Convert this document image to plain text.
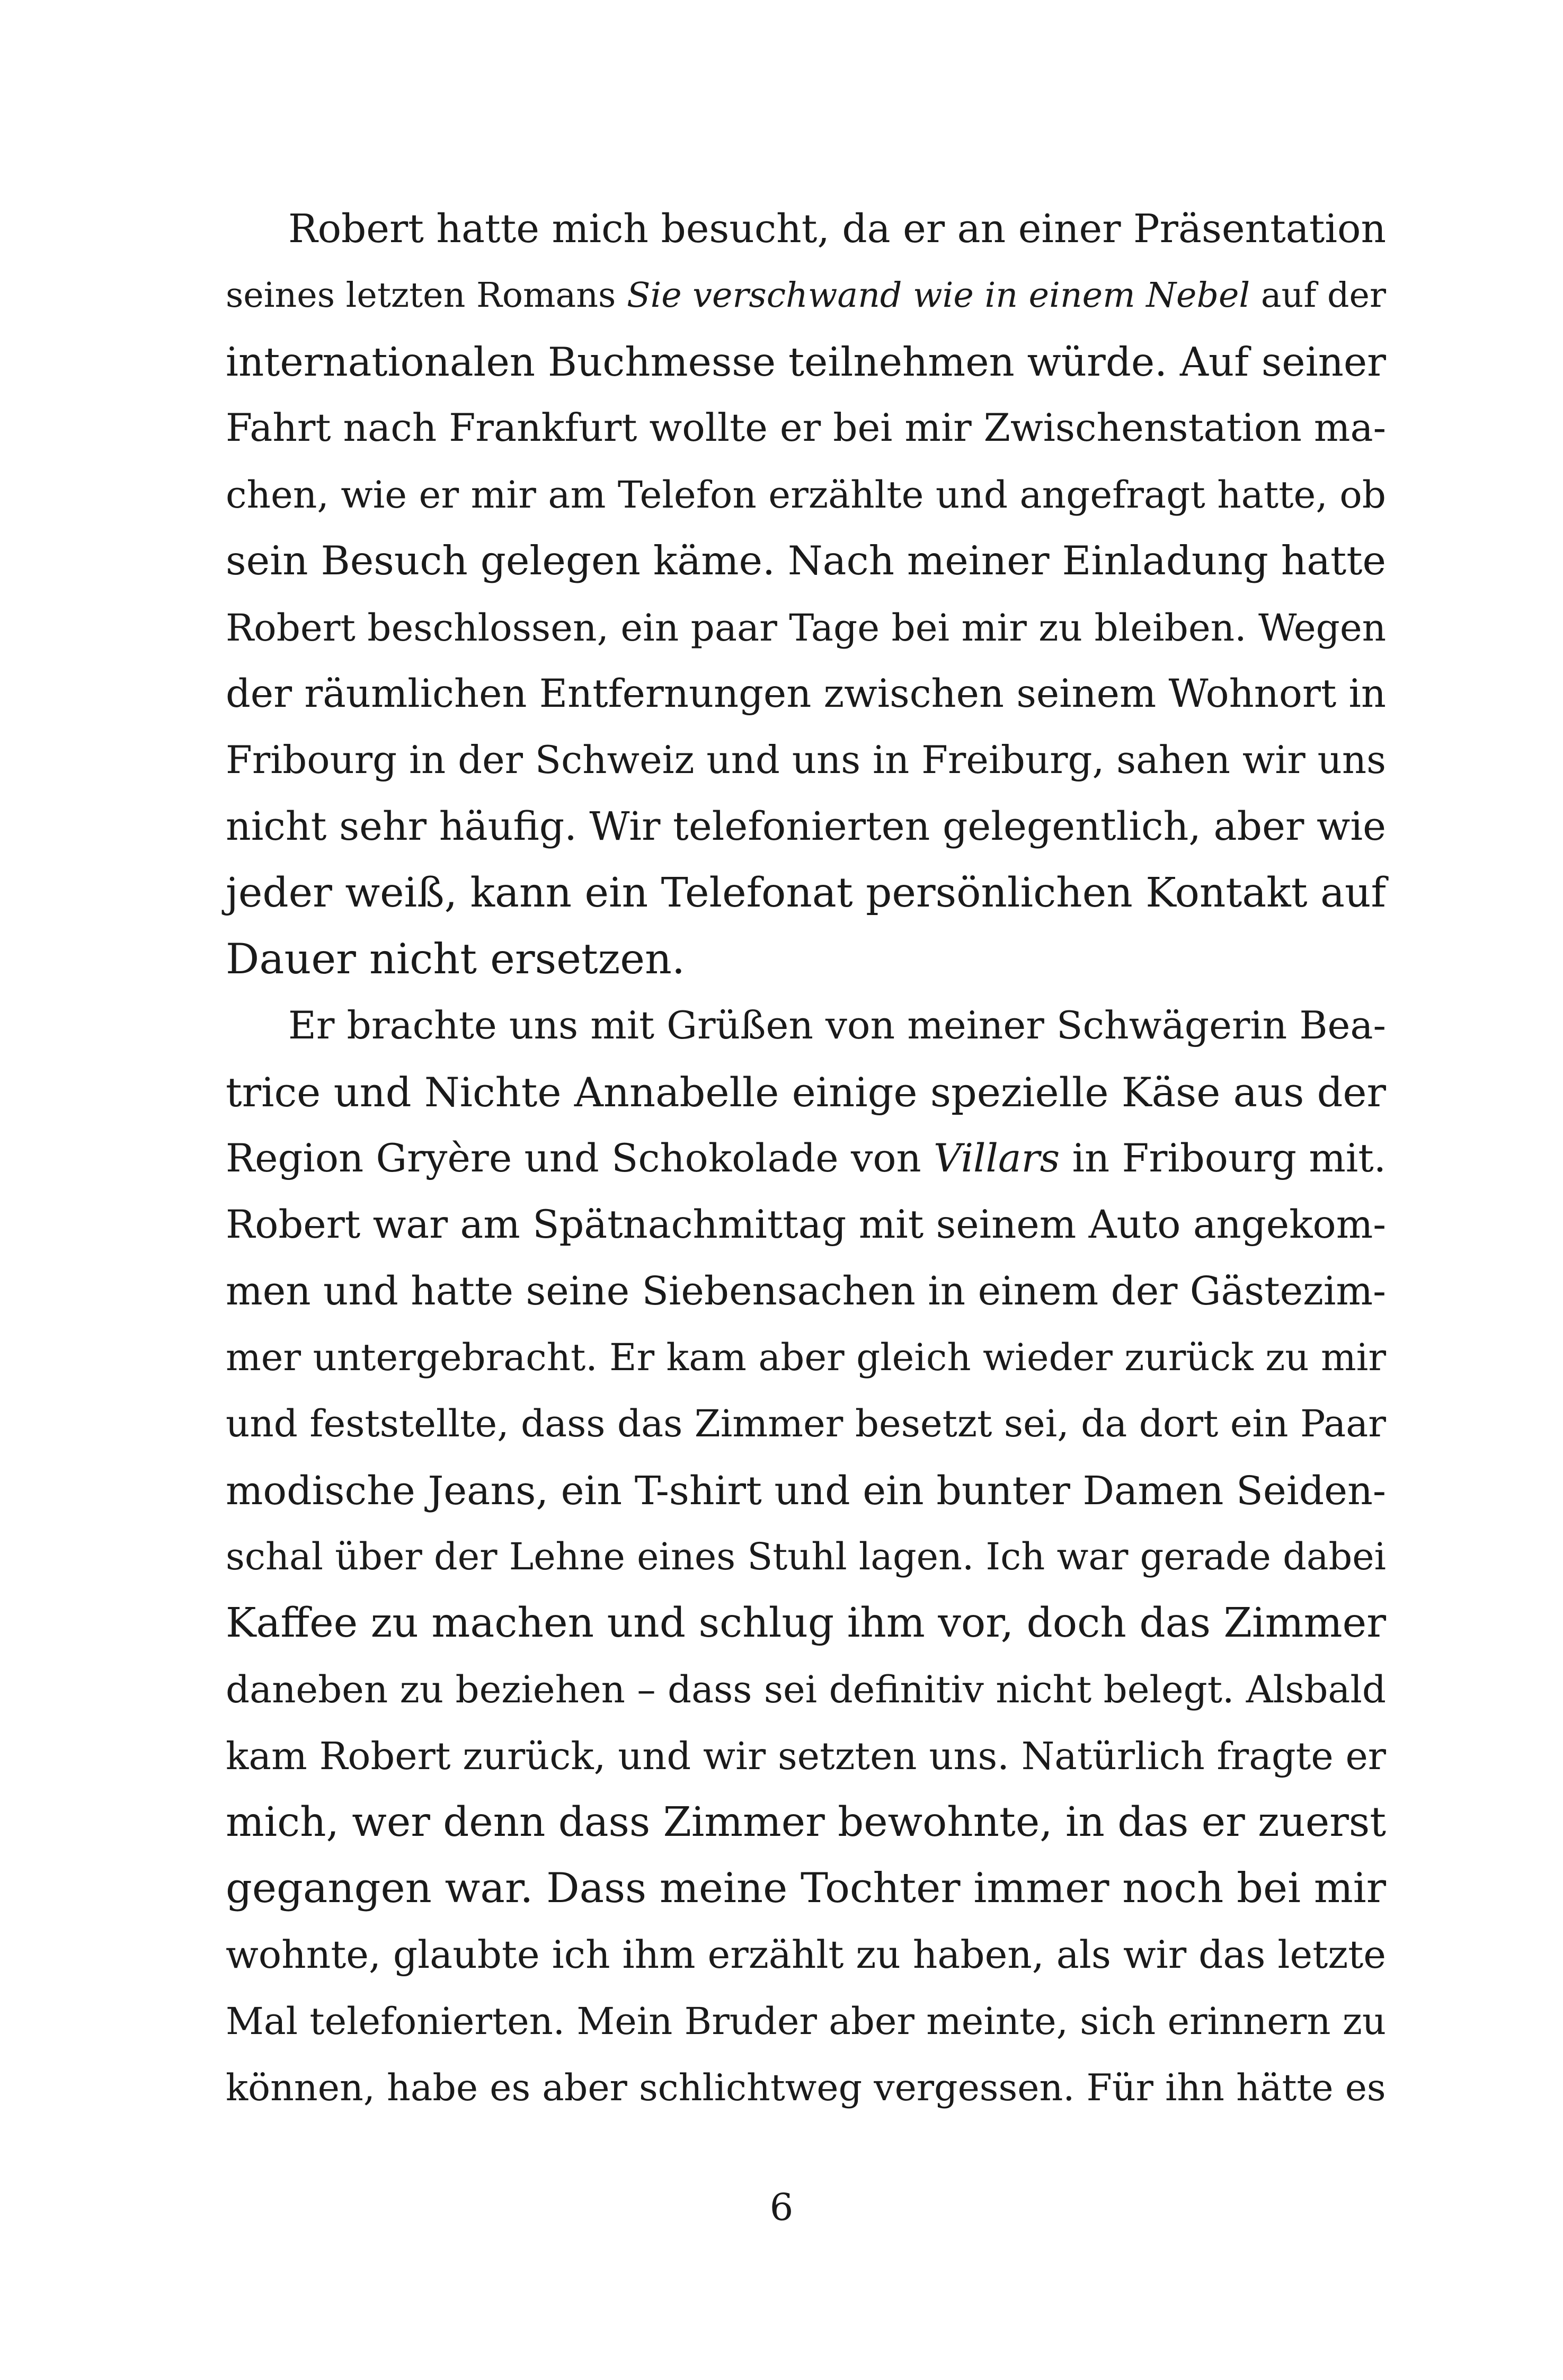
Robert hatte mich besucht, da er an einer Präsentation
seines letzten Romans Sie verschwand wie in einem Nebel auf der
internationalen Buchmesse teilnehmen würde. Auf seiner
Fahrt nach Frankfurt wollte er bei mir Zwischenstation ma-
chen, wie er mir am Telefon erzählte und angefragt hatte, ob
sein Besuch gelegen käme. Nach meiner Einladung hatte
Robert beschlossen, ein paar Tage bei mir zu bleiben. Wegen
der räumlichen Entfernungen zwischen seinem Wohnort in
Fribourg in der Schweiz und uns in Freiburg, sahen wir uns
nicht sehr häufig. Wir telefonierten gelegentlich, aber wie
jeder weiß, kann ein Telefonat persönlichen Kontakt auf
Dauer nicht ersetzen.
Er brachte uns mit Grüßen von meiner Schwägerin Bea-
trice und Nichte Annabelle einige spezielle Käse aus der
Region Gryère und Schokolade von Villars in Fribourg mit.
Robert war am Spätnachmittag mit seinem Auto angekom-
men und hatte seine Siebensachen in einem der Gästezim-
mer untergebracht. Er kam aber gleich wieder zurück zu mir
und feststellte, dass das Zimmer besetzt sei, da dort ein Paar
modische Jeans, ein T-shirt und ein bunter Damen Seiden-
schal über der Lehne eines Stuhl lagen. Ich war gerade dabei
Kaffee zu machen und schlug ihm vor, doch das Zimmer
daneben zu beziehen – dass sei definitiv nicht belegt. Alsbald
kam Robert zurück, und wir setzten uns. Natürlich fragte er
mich, wer denn dass Zimmer bewohnte, in das er zuerst
gegangen war. Dass meine Tochter immer noch bei mir
wohnte, glaubte ich ihm erzählt zu haben, als wir das letzte
Mal telefonierten. Mein Bruder aber meinte, sich erinnern zu
können, habe es aber schlichtweg vergessen. Für ihn hätte es
6
